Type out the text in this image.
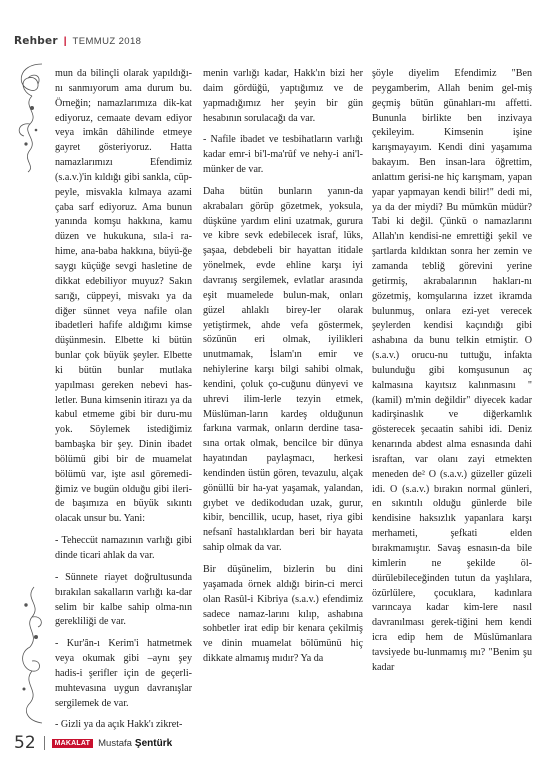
Rehber | TEMMUZ 2018

mun da bilinçli olarak yapıldığı-nı sanmıyorum ama durum bu. Örneğin; namazlarımıza dik-kat ediyoruz, cemaate devam ediyor veya imkân dâhilinde etmeye gayret gösteriyoruz. Hatta namazlarımızı Efendimiz (s.a.v.)'in kıldığı gibi sankla, cüp-peyle, misvakla kılmaya azami çaba sarf ediyoruz. Ama bunun yanında komşu hakkına, kamu düzen ve hukukuna, sıla-i ra-hime, ana-baba hakkına, büyü-ğe saygı küçüğe sevgi hasletine de dikkat edebiliyor muyuz? Sakın sarığı, cüppeyi, misvakı ya da diğer sünnet veya nafile olan ibadetleri hafife aldığımı kimse düşünmesin. Elbette ki bütün bunlar çok büyük şeyler. Elbette ki bütün bunlar mutlaka yapılması gereken nebevi has-letler. Buna kimsenin itirazı ya da kabul etmeme gibi bir duru-mu yok. Söylemek istediğimiz bambaşka bir şey. Dinin ibadet bölümü gibi bir de muamelat bölümü var, işte asıl göremedi-ğimiz ve bugün olduğu gibi ileri-de başımıza en büyük sıkıntı olacak unsur bu. Yani:

- Teheccüt namazının varlığı gibi dinde ticari ahlak da var.

- Sünnete riayet doğrultusunda bırakılan sakalların varlığı ka-dar selim bir kalbe sahip olma-nın gerekliliği de var.

- Kur'ân-ı Kerim'i hatmetmek veya okumak gibi –aynı şey hadis-i şerifler için de geçerli-muhtevasına uygun davranışlar sergilemek de var.

- Gizli ya da açık Hakk'ı zikret-

menin varlığı kadar, Hakk'ın bizi her daim gördüğü, yaptığımız ve de yapmadığımız her şeyin bir gün hesabının sorulacağı da var.

- Nafile ibadet ve tesbihatların varlığı kadar emr-i bi'l-ma'rûf ve nehy-i ani'l-münker de var.

Daha bütün bunların yanın-da akrabaları görüp gözetmek, yoksula, düşküne yardım elini uzatmak, gurura ve kibre sevk edebilecek israf, lüks, şaşaa, debdebeli bir hayattan itidale yönelmek, evde ehline karşı iyi davranış sergilemek, evlatlar arasında eşit muamelede bulun-mak, onları güzel ahlaklı birey-ler olarak yetiştirmek, ahde vefa göstermek, sözünün eri olmak, iyilikleri unutmamak, İslam'ın emir ve nehiylerine karşı bilgi sahibi olmak, kendini, çoluk ço-cuğunu dünyevi ve uhrevi ilim-lerle tezyin etmek, Müslüman-ların kardeş olduğunun farkına varmak, onların derdine tasa-sına ortak olmak, bencilce bir dünya hayatından paylaşmacı, herkesi kendinden üstün gören, tevazulu, alçak gönüllü bir ha-yat yaşamak, yalandan, gıybet ve dedikodudan uzak, gurur, kibir, bencillik, ucup, haset, riya gibi nefsanî hastalıklardan beri bir hayata sahip olmak da var.

Bir düşünelim, bizlerin bu dini yaşamada örnek aldığı birin-ci merci olan Rasûl-i Kibriya (s.a.v.) efendimiz sadece namaz-larını kılıp, ashabına sohbetler irat edip bir kenara çekilmiş ve dinin muamelat bölümünü hiç dikkate almamış mıdır? Ya da

şöyle diyelim Efendimiz "Ben peygamberim, Allah benim gel-miş geçmiş bütün günahları-mı affetti. Bununla birlikte ben inzivaya çekileyim. Kimsenin işine karışmayayım. Kendi dini yaşamıma bakayım. Ben insan-lara öğrettim, anlattım gerisi-ne hiç karışmam, yapan yapar yapmayan kendi bilir!" dedi mi, ya da der miydi? Bu mümkün müdür? Tabi ki değil. Çünkü o namazlarını Allah'ın kendisi-ne emrettiği şekil ve şartlarda kıldıktan sonra her zemin ve zamanda tebliğ görevini yerine getirmiş, akrabalarının hakları-nı gözetmiş, komşularına izzet ikramda bulunmuş, onlara ezi-yet verecek şeylerden kendisi kaçındığı gibi ashabına da bunu telkin etmiştir. O (s.a.v.) orucu-nu tuttuğu, infakta bulunduğu gibi komşusunun aç kalmasına kayıtsız kalınmasını "(kamil) m'min değildir" diyecek kadar kadirşinaslık ve diğerkamlık gösterecek şecaatin sahibi idi. Deniz kenarında abdest alma esnasında dahi israftan, var olanı zayi etmekten meneden de² O (s.a.v.) güzeller güzeli idi. O (s.a.v.) bırakın normal günleri, en sıkıntılı olduğu günlerde bile kendisine haksızlık yapanlara karşı merhameti, şefkati elden bırakmamıştır. Savaş esnasın-da bile kimlerin ne şekilde öl-dürülebileceğinden tutun da yaşlılara, özürlülere, çocuklara, kadınlara varıncaya kadar kim-lere nasıl davranılması gerek-tiğini hem kendi icra edip hem de Müslümanlara tavsiyede bu-lunmamış mı? "Benim şu kadar

52	MAKALAT Mustafa Şentürk
